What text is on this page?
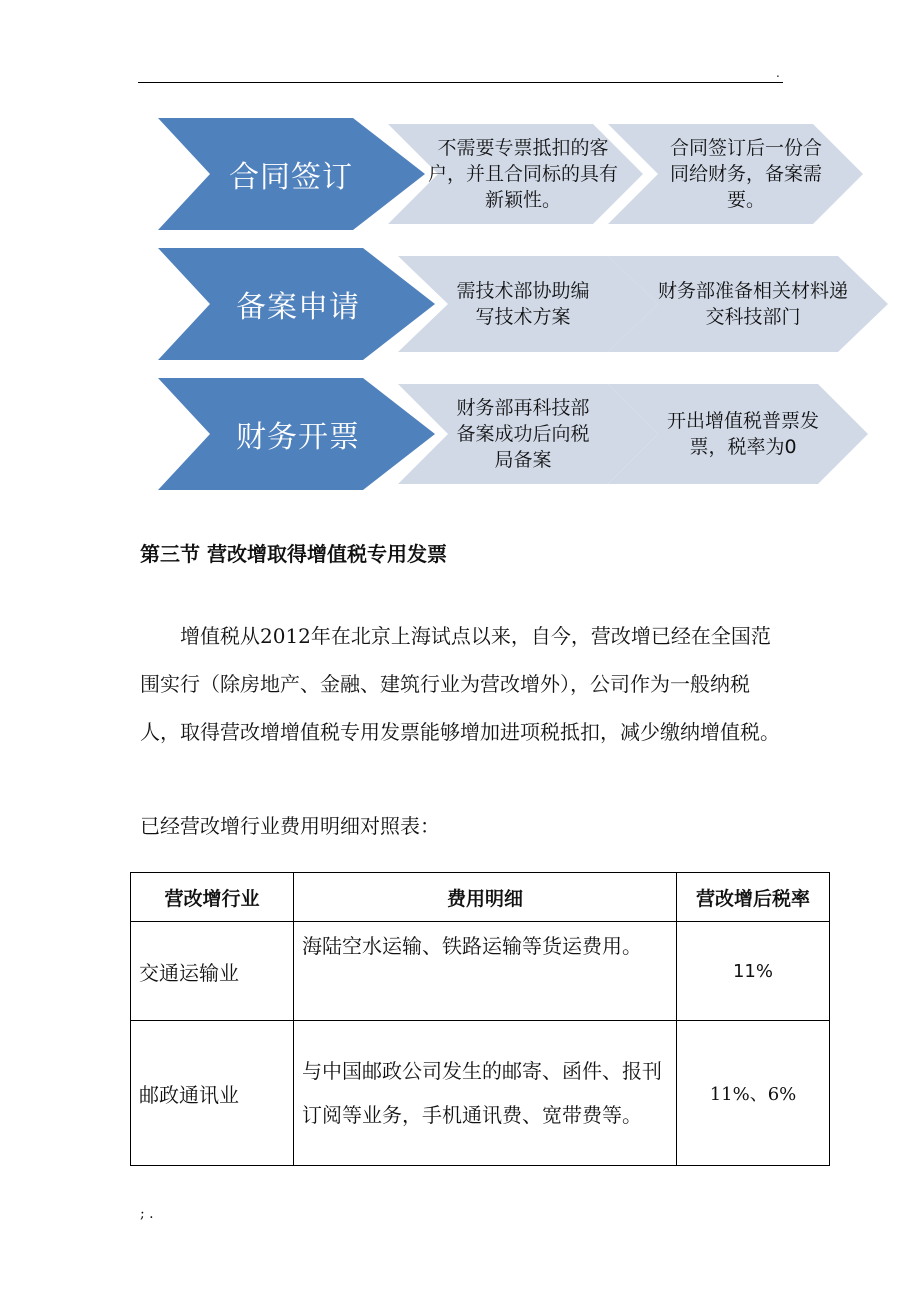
.
合同签订
不需要专票抵扣的客户，并且合同标的具有新颖性。
合同签订后一份合同给财务，备案需要。
备案申请	需技术部协助编写技术方案
财务部准备相关材料递交科技部门
财务开票
财务部再科技部备案成功后向税局备案
开出增值税普票发票，税率为0
第三节 营改增取得增值税专用发票

增值税从2012年在北京上海试点以来，自今，营改增已经在全国范围实行（除房地产、金融、建筑行业为营改增外），公司作为一般纳税人，取得营改增增值税专用发票能够增加进项税抵扣，减少缴纳增值税。

已经营改增行业费用明细对照表：
营改增行业	费用明细	营改增后税率
交通运输业	海陆空水运输、铁路运输等货运费用。	11%
邮政通讯业	与中国邮政公司发生的邮寄、函件、报刊订阅等业务，手机通讯费、宽带费等。	11%、6%
; .
